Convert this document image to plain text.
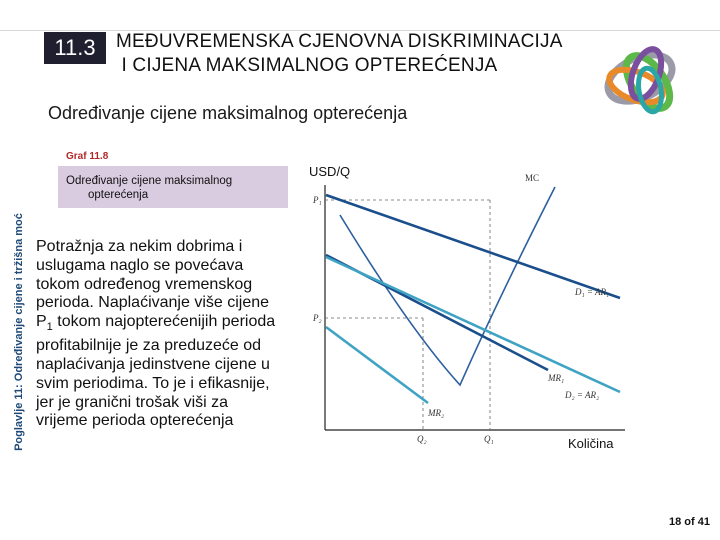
11.3 MEĐUVREMENSKA CJENOVNA DISKRIMINACIJA
I CIJENA MAKSIMALNOG OPTEREĆENJA
Određivanje cijene maksimalnog opterećenja
Poglavlje 11: Određivanje cijene i tržišna moć
Graf 11.8
Određivanje cijene maksimalnog
opterećenja
USD/Q
P₁
P₂
Q₂	Q₁
MC
D₁ = AR₁
MR₁
D₂ = AR₂
MR₂
Potražnja za nekim dobrima i
uslugama naglo se povećava
tokom određenog vremenskog
perioda. Naplaćivanje više cijene
$P_1$ tokom najopterećenijih perioda
profitabilnije je za preduzeće od
naplaćivanja jedinstvene cijene u
svim periodima. To je i efikasnije,
jer je granični trošak viši za
vrijeme perioda opterećenja
Količina
18 of 41
